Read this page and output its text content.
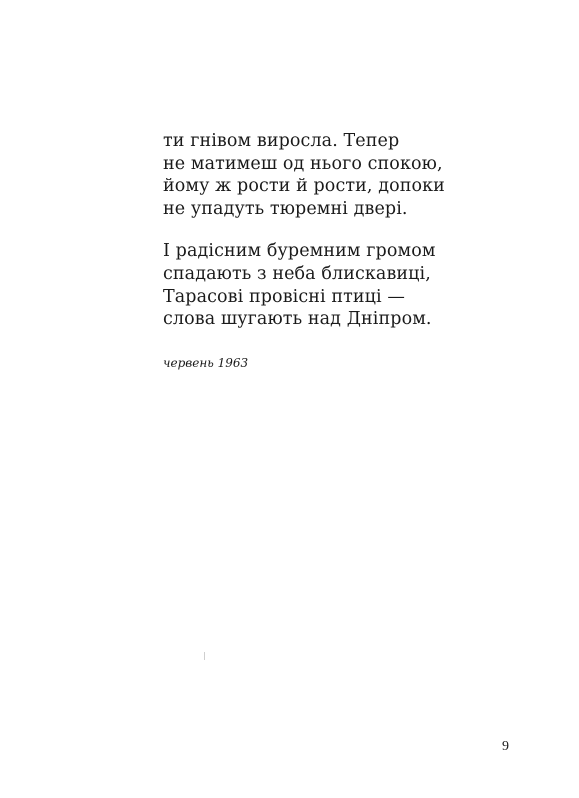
ти гнівом виросла. Тепер
не матимеш од нього спокою,
йому ж рости й рости, допоки
не упадуть тюремні двері.

І радісним буремним громом
спадають з неба блискавиці,
Тарасові провісні птиці —
слова шугають над Дніпром.

червень 1963
9
